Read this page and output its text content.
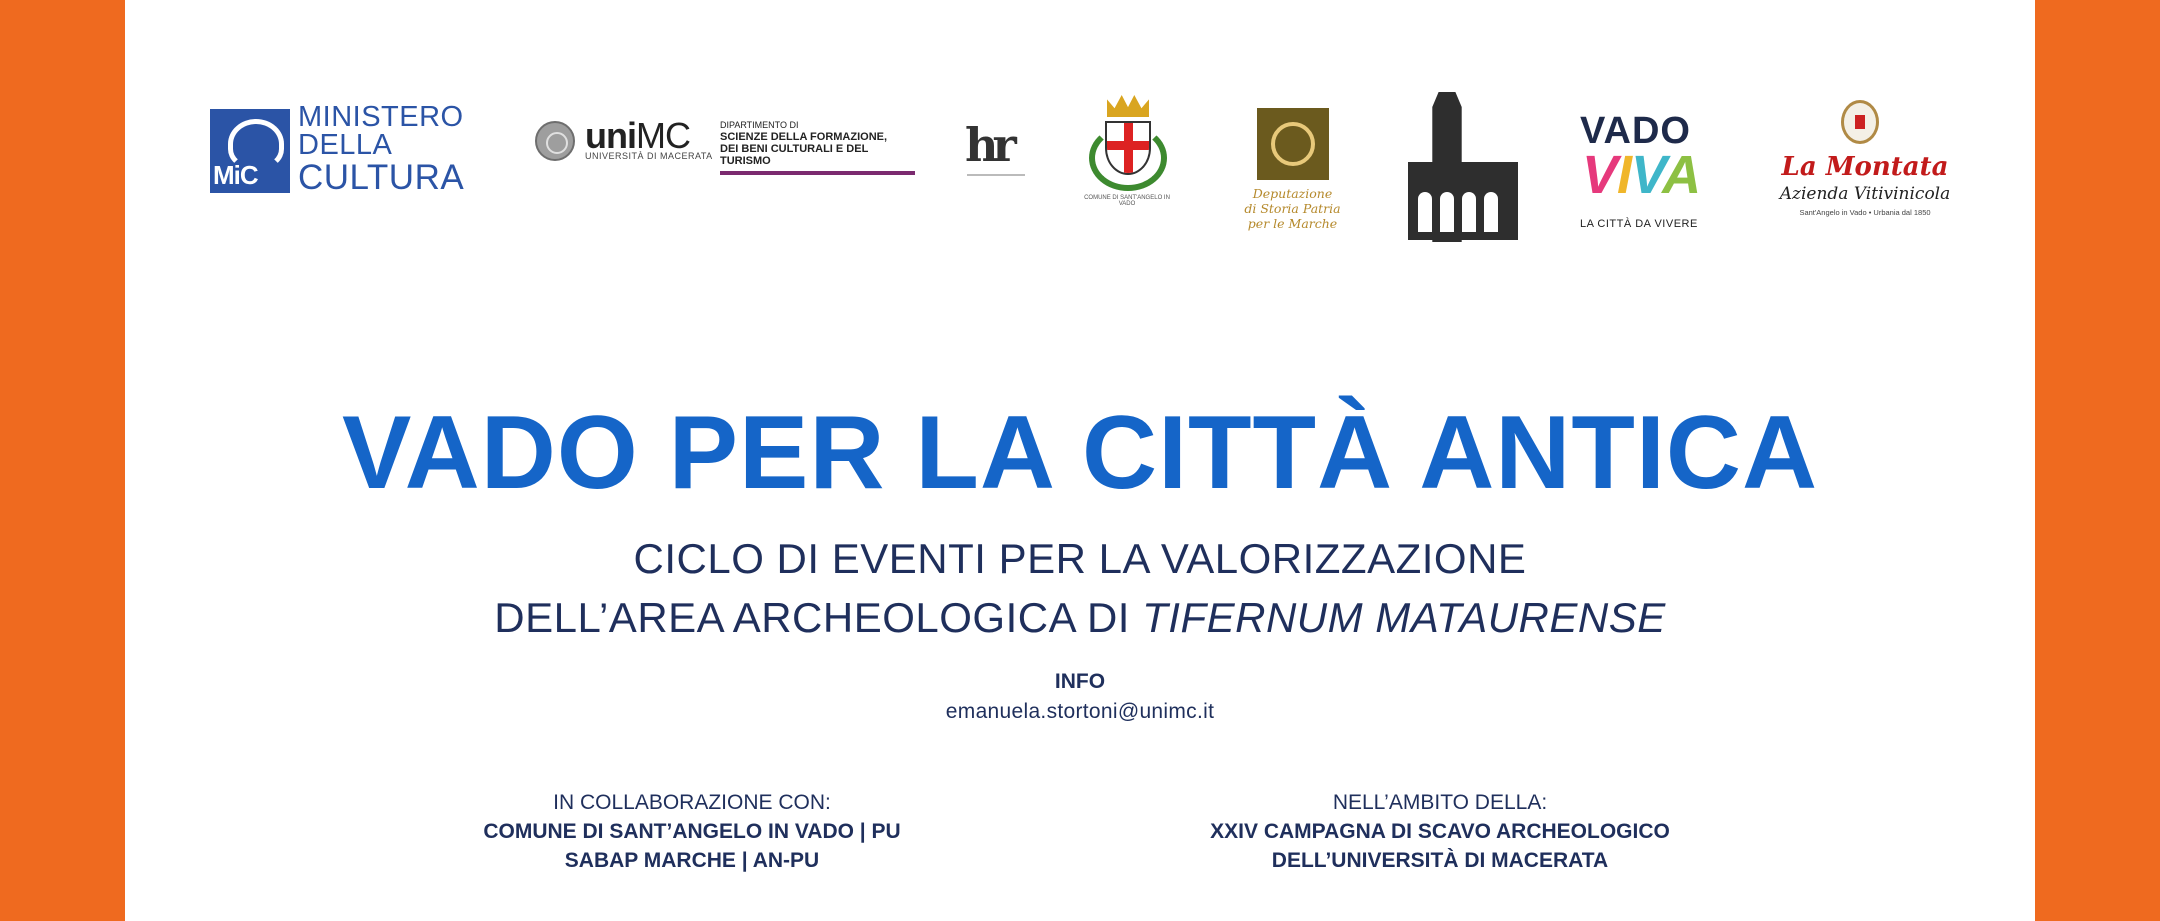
MiC
MINISTERO
DELLA
CULTURA
uniMC
UNIVERSITÀ DI MACERATA
DIPARTIMENTO DI
SCIENZE DELLA FORMAZIONE,
DEI BENI CULTURALI E DEL TURISMO	hr
COMUNE DI SANT'ANGELO IN VADO
Deputazione
di Storia Patria
per le Marche
VADO
VIVA
LA CITTÀ DA VIVERE
La Montata
Azienda Vitivinicola
Sant'Angelo in Vado • Urbania dal 1850
VADO PER LA CITTÀ ANTICA
CICLO DI EVENTI PER LA VALORIZZAZIONE
DELL’AREA ARCHEOLOGICA DI TIFERNUM MATAURENSE
INFO
emanuela.stortoni@unimc.it
IN COLLABORAZIONE CON:
COMUNE DI SANT’ANGELO IN VADO | PU
SABAP MARCHE | AN-PU
NELL’AMBITO DELLA:
XXIV CAMPAGNA DI SCAVO ARCHEOLOGICO
DELL’UNIVERSITÀ DI MACERATA
